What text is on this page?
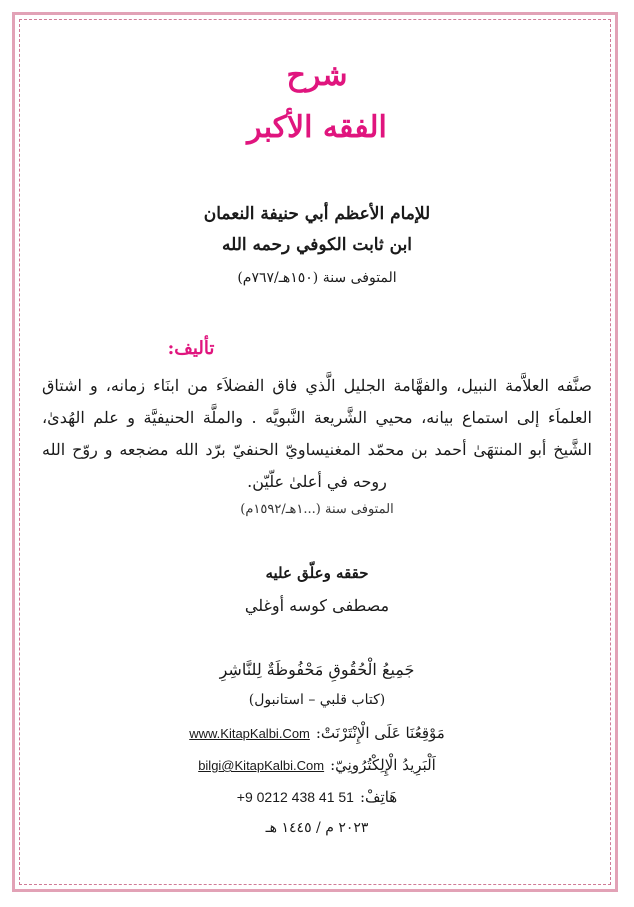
شرح
الفقه الأكبر
للإمام الأعظم أبي حنيفة النعمان
ابن ثابت الكوفي رحمه الله
المتوفى سنة (١٥٠هـ/٧٦٧م)
تأليف:
صنَّفه العلاَّمة النبيل، والفهَّامة الجليل الَّذي فاق الفضلاَء من ابنَاء زمانه، و اشتاق العلماَء إلى استماع بيانه، محيي الشَّريعة النَّبويَّه . والملَّة الحنيفيَّة و علم الهُدىٰ، الشَّيخ أبو المنتهَىٰ أحمد بن محمّد المغنيساويّ الحنفيّ برّد الله مضجعه و روّح الله روحه في أعلىٰ علّيّن.
المتوفى سنة (...١هـ/١٥٩٢م)
حققه وعلّق عليه
مصطفى كوسه أوغلي
جَمِيعُ الْحُقُوقِ مَحْفُوظَةٌ لِلنَّاشِرِ
(كتاب قلبي – استانبول)
مَوْقِعُنَا عَلَى الْإِنْتَرْنَتْ:
www.KitapKalbi.Com
اَلْبَرِيدُ الْإِلِكْتُرُونِيّ:
bilgi@KitapKalbi.Com
هَاتِفْ:
+9 0212 438 41 51
٢٠٢٣ م / ١٤٤٥ هـ
